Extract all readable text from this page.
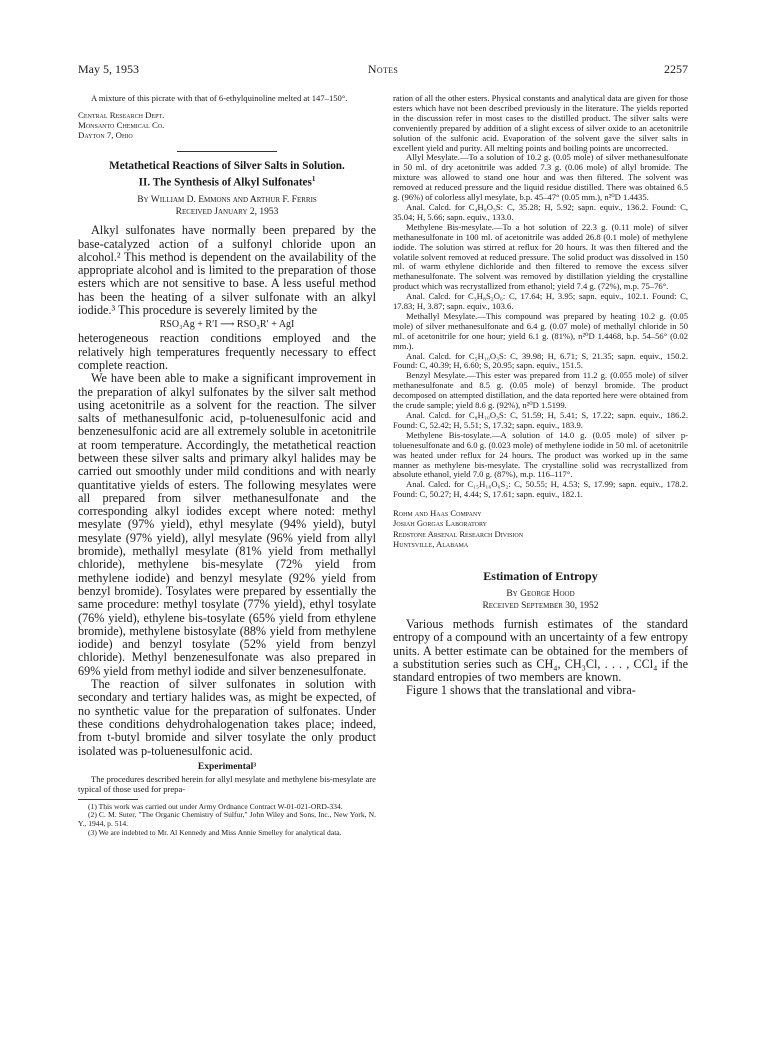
May 5, 1953	Notes	2257

A mixture of this picrate with that of 6-ethylquinoline melted at 147–150°.

Central Research Dept.
Monsanto Chemical Co.
Dayton 7, Ohio
Metathetical Reactions of Silver Salts in Solution.
II. The Synthesis of Alkyl Sulfonates$^1$
By William D. Emmons and Arthur F. Ferris
Received January 2, 1953

Alkyl sulfonates have normally been prepared by the base-catalyzed action of a sulfonyl chloride upon an alcohol.² This method is dependent on the availability of the appropriate alcohol and is limited to the preparation of those esters which are not sensitive to base. A less useful method has been the heating of a silver sulfonate with an alkyl iodide.³ This procedure is severely limited by the

RSO₃Ag + R′I ⟶ RSO₃R′ + AgI

heterogeneous reaction conditions employed and the relatively high temperatures frequently necessary to effect complete reaction.

We have been able to make a significant improvement in the preparation of alkyl sulfonates by the silver salt method using acetonitrile as a solvent for the reaction. The silver salts of methanesulfonic acid, p-toluenesulfonic acid and benzenesulfonic acid are all extremely soluble in acetonitrile at room temperature. Accordingly, the metathetical reaction between these silver salts and primary alkyl halides may be carried out smoothly under mild conditions and with nearly quantitative yields of esters. The following mesylates were all prepared from silver methanesulfonate and the corresponding alkyl iodides except where noted: methyl mesylate (97% yield), ethyl mesylate (94% yield), butyl mesylate (97% yield), allyl mesylate (96% yield from allyl bromide), methallyl mesylate (81% yield from methallyl chloride), methylene bis-mesylate (72% yield from methylene iodide) and benzyl mesylate (92% yield from benzyl bromide). Tosylates were prepared by essentially the same procedure: methyl tosylate (77% yield), ethyl tosylate (76% yield), ethylene bis-tosylate (65% yield from ethylene bromide), methylene bistosylate (88% yield from methylene iodide) and benzyl tosylate (52% yield from benzyl chloride). Methyl benzenesulfonate was also prepared in 69% yield from methyl iodide and silver benzenesulfonate.

The reaction of silver sulfonates in solution with secondary and tertiary halides was, as might be expected, of no synthetic value for the preparation of sulfonates. Under these conditions dehydrohalogenation takes place; indeed, from t-butyl bromide and silver tosylate the only product isolated was p-toluenesulfonic acid.

Experimental³

The procedures described herein for allyl mesylate and methylene bis-mesylate are typical of those used for prepa-

(1) This work was carried out under Army Ordnance Contract W-01-021-ORD-334.

(2) C. M. Suter, "The Organic Chemistry of Sulfur," John Wiley and Sons, Inc., New York, N. Y., 1944, p. 514.

(3) We are indebted to Mr. Al Kennedy and Miss Annie Smelley for analytical data.

ration of all the other esters. Physical constants and analytical data are given for those esters which have not been described previously in the literature. The yields reported in the discussion refer in most cases to the distilled product. The silver salts were conveniently prepared by addition of a slight excess of silver oxide to an acetonitrile solution of the sulfonic acid. Evaporation of the solvent gave the silver salts in excellent yield and purity. All melting points and boiling points are uncorrected.

Allyl Mesylate.—To a solution of 10.2 g. (0.05 mole) of silver methanesulfonate in 50 ml. of dry acetonitrile was added 7.3 g. (0.06 mole) of allyl bromide. The mixture was allowed to stand one hour and was then filtered. The solvent was removed at reduced pressure and the liquid residue distilled. There was obtained 6.5 g. (96%) of colorless allyl mesylate, b.p. 45–47° (0.05 mm.), n²⁰D 1.4435.

Anal. Calcd. for C₄H₈O₃S: C, 35.28; H, 5.92; sapn. equiv., 136.2. Found: C, 35.04; H, 5.66; sapn. equiv., 133.0.

Methylene Bis-mesylate.—To a hot solution of 22.3 g. (0.11 mole) of silver methanesulfonate in 100 ml. of acetonitrile was added 26.8 (0.1 mole) of methylene iodide. The solution was stirred at reflux for 20 hours. It was then filtered and the volatile solvent removed at reduced pressure. The solid product was dissolved in 150 ml. of warm ethylene dichloride and then filtered to remove the excess silver methanesulfonate. The solvent was removed by distillation yielding the crystalline product which was recrystallized from ethanol; yield 7.4 g. (72%), m.p. 75–76°.

Anal. Calcd. for C₃H₈S₂O₆: C, 17.64; H, 3.95; sapn. equiv., 102.1. Found: C, 17.83; H, 3.87; sapn. equiv., 103.6.

Methallyl Mesylate.—This compound was prepared by heating 10.2 g. (0.05 mole) of silver methanesulfonate and 6.4 g. (0.07 mole) of methallyl chloride in 50 ml. of acetonitrile for one hour; yield 6.1 g. (81%), n²⁰D 1.4468, b.p. 54–56° (0.02 mm.).

Anal. Calcd. for C₅H₁₀O₃S: C, 39.98; H, 6.71; S, 21.35; sapn. equiv., 150.2. Found: C, 40.39; H, 6.60; S, 20.95; sapn. equiv., 151.5.

Benzyl Mesylate.—This ester was prepared from 11.2 g. (0.055 mole) of silver methanesulfonate and 8.5 g. (0.05 mole) of benzyl bromide. The product decomposed on attempted distillation, and the data reported here were obtained from the crude sample; yield 8.6 g. (92%), n²⁰D 1.5199.

Anal. Calcd. for C₈H₁₀O₃S: C, 51.59; H, 5.41; S, 17.22; sapn. equiv., 186.2. Found: C, 52.42; H, 5.51; S, 17.32; sapn. equiv., 183.9.

Methylene Bis-tosylate.—A solution of 14.0 g. (0.05 mole) of silver p-toluenesulfonate and 6.0 g. (0.023 mole) of methylene iodide in 50 ml. of acetonitrile was heated under reflux for 24 hours. The product was worked up in the same manner as methylene bis-mesylate. The crystalline solid was recrystallized from absolute ethanol, yield 7.0 g. (87%), m.p. 116–117°.

Anal. Calcd. for C₁₅H₁₆O₆S₂: C, 50.55; H, 4.53; S, 17.99; sapn. equiv., 178.2. Found: C, 50.27; H, 4.44; S, 17.61; sapn. equiv., 182.1.

Rohm and Haas Company
Josiah Gorgas Laboratory
Redstone Arsenal Research Division
Huntsville, Alabama
Estimation of Entropy
By George Hood
Received September 30, 1952

Various methods furnish estimates of the standard entropy of a compound with an uncertainty of a few entropy units. A better estimate can be obtained for the members of a substitution series such as CH₄, CH₃Cl, . . . , CCl₄ if the standard entropies of two members are known.

Figure 1 shows that the translational and vibra-
